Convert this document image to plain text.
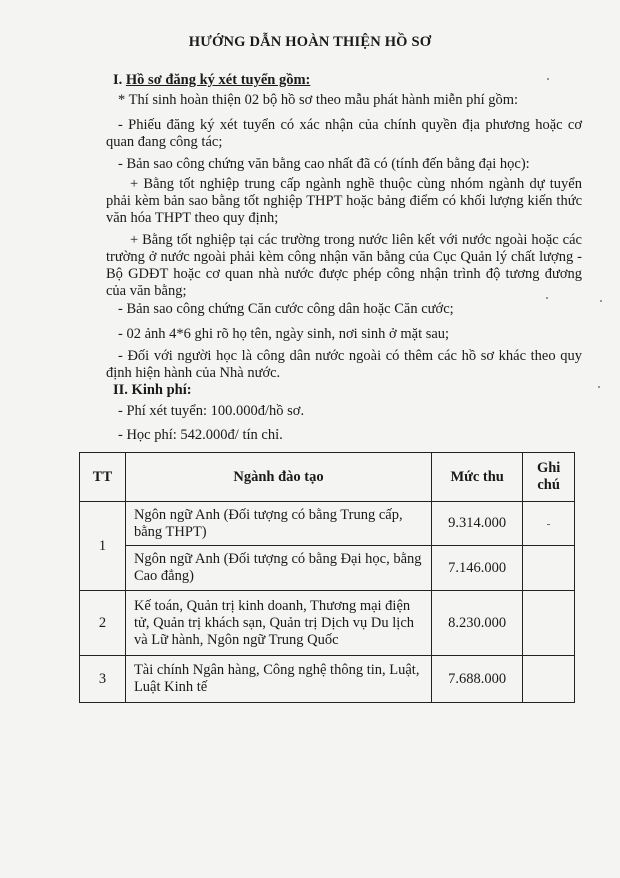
HƯỚNG DẪN HOÀN THIỆN HỒ SƠ
I. Hồ sơ đăng ký xét tuyển gồm:
* Thí sinh hoàn thiện 02 bộ hồ sơ theo mẫu phát hành miễn phí gồm:
- Phiếu đăng ký xét tuyển có xác nhận của chính quyền địa phương hoặc cơ quan đang công tác;
- Bản sao công chứng văn bằng cao nhất đã có (tính đến bằng đại học):
+ Bằng tốt nghiệp trung cấp ngành nghề thuộc cùng nhóm ngành dự tuyển phải kèm bản sao bằng tốt nghiệp THPT hoặc bảng điểm có khối lượng kiến thức văn hóa THPT theo quy định;
+ Bằng tốt nghiệp tại các trường trong nước liên kết với nước ngoài hoặc các trường ở nước ngoài phải kèm công nhận văn bằng của Cục Quản lý chất lượng - Bộ GDĐT hoặc cơ quan nhà nước được phép công nhận trình độ tương đương của văn bằng;
- Bản sao công chứng Căn cước công dân hoặc Căn cước;
- 02 ảnh 4*6 ghi rõ họ tên, ngày sinh, nơi sinh ở mặt sau;
- Đối với người học là công dân nước ngoài có thêm các hồ sơ khác theo quy định hiện hành của Nhà nước.
II. Kinh phí:
- Phí xét tuyển: 100.000đ/hồ sơ.
- Học phí: 542.000đ/ tín chỉ.
TT	Ngành đào tạo	Mức thu	Ghi chú
1	Ngôn ngữ Anh (Đối tượng có bằng Trung cấp, bằng THPT)	9.314.000	-
	Ngôn ngữ Anh (Đối tượng có bằng Đại học, bằng Cao đẳng)	7.146.000	
2	Kế toán, Quản trị kinh doanh, Thương mại điện tử, Quản trị khách sạn, Quản trị Dịch vụ Du lịch và Lữ hành, Ngôn ngữ Trung Quốc	8.230.000	
3	Tài chính Ngân hàng, Công nghệ thông tin, Luật, Luật Kinh tế	7.688.000	
